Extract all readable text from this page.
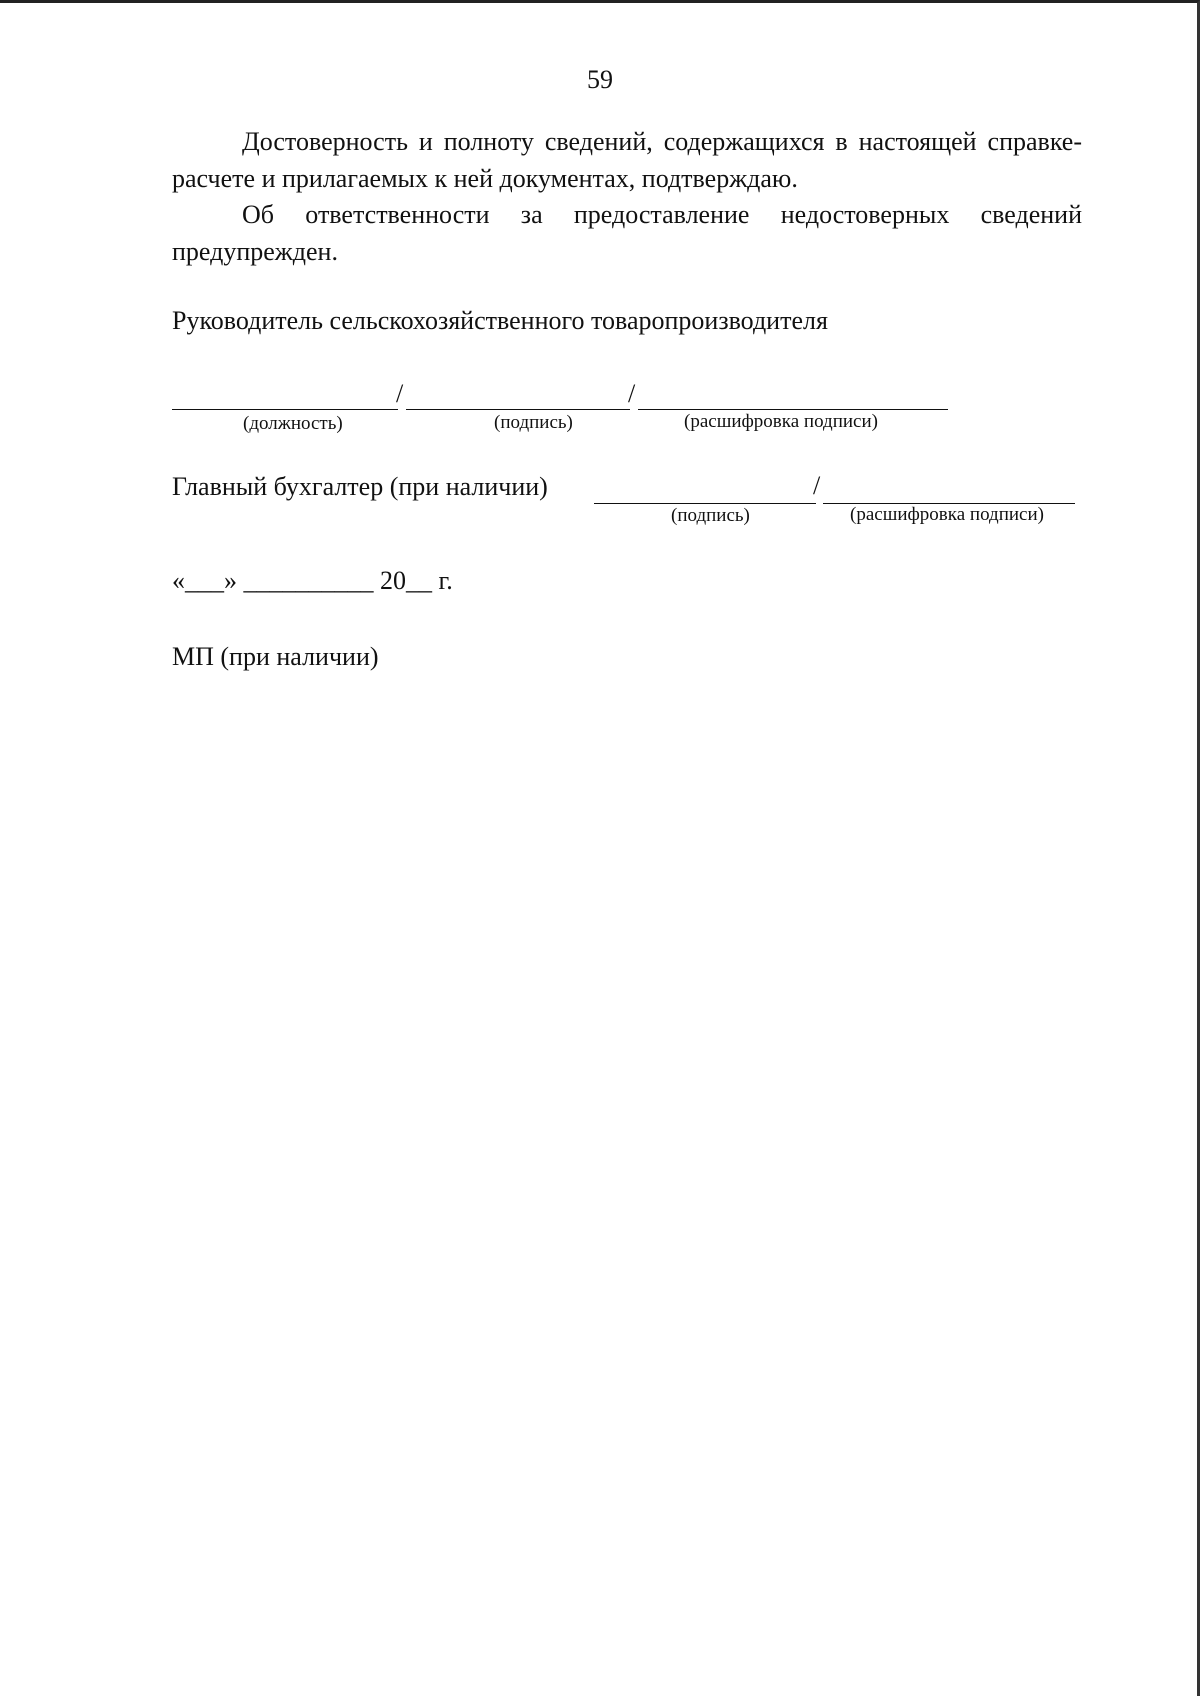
59

Достоверность и полноту сведений, содержащихся в настоящей справке-расчете и прилагаемых к ней документах, подтверждаю.

Об ответственности за предоставление недостоверных сведений предупрежден.

Руководитель сельскохозяйственного товаропроизводителя
/	/
(должность)	(подпись)	(расшифровка подписи)
Главный бухгалтер (при наличии)	/
(подпись)	(расшифровка подписи)
«___» __________ 20__ г.
МП (при наличии)
